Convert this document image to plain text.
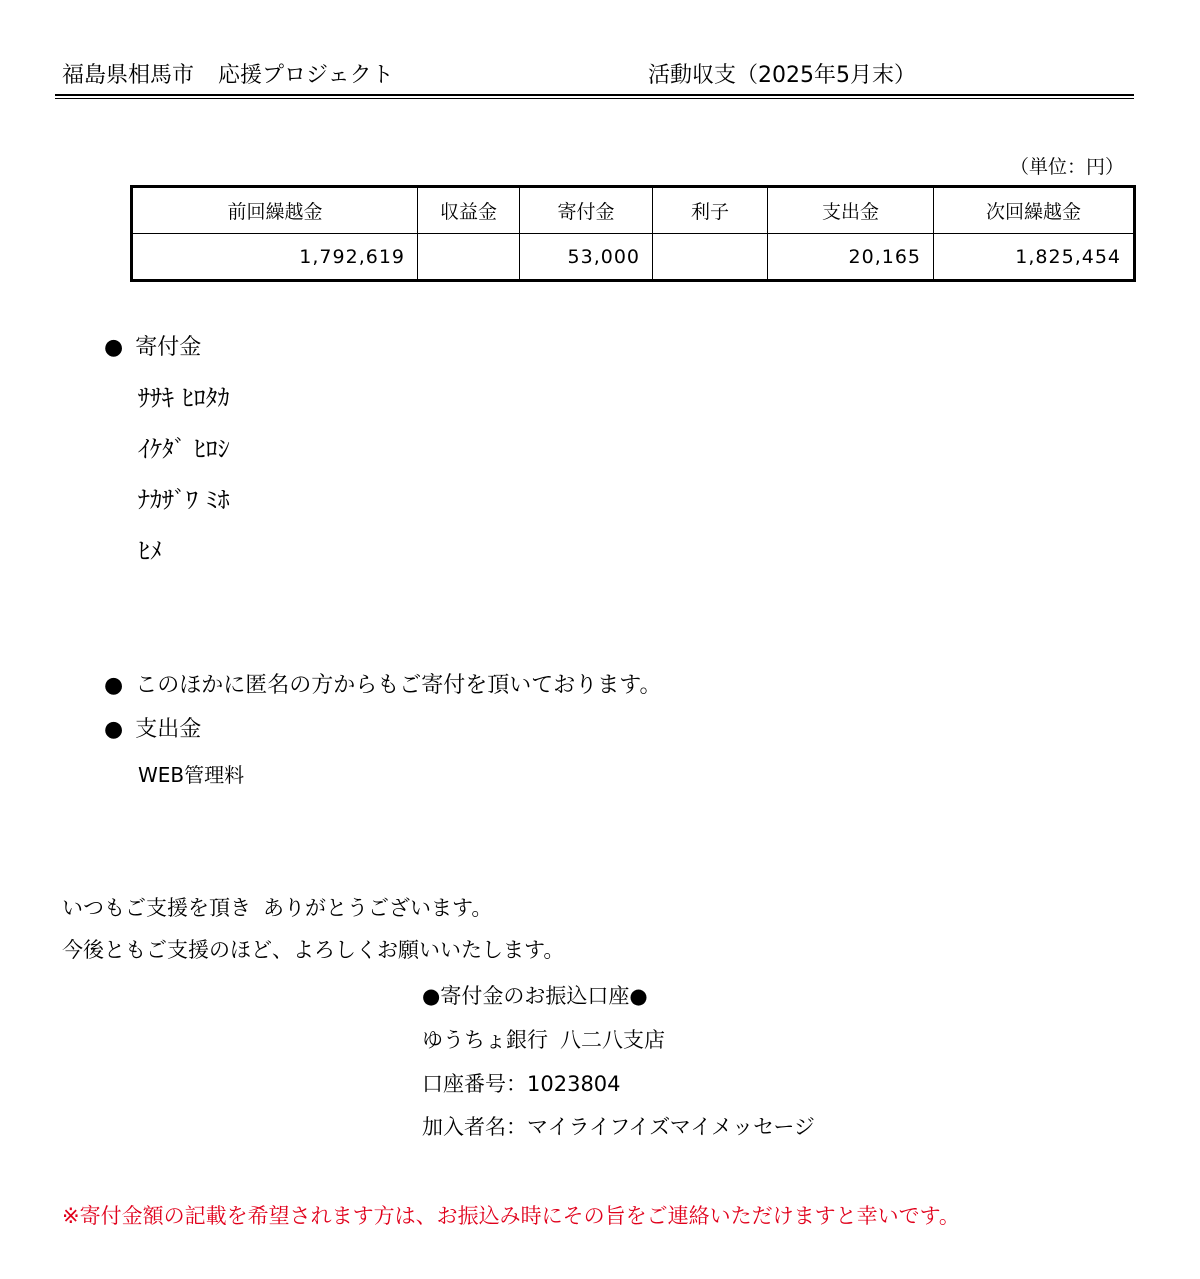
福島県相馬市 応援プロジェクト	活動収支（2025年5月末）
（単位：円）
前回繰越金	収益金	寄付金	利子	支出金	次回繰越金
1,792,619		53,000		20,165	1,825,454
● 寄付金
ｻｻｷ ﾋﾛﾀｶ
ｲｹﾀﾞ ﾋﾛｼ
ﾅｶｻﾞﾜ ﾐﾎ
ﾋﾒ
● このほかに匿名の方からもご寄付を頂いております。
● 支出金
WEB管理料
いつもご支援を頂き ありがとうございます。
今後ともご支援のほど、よろしくお願いいたします。
●寄付金のお振込口座●
ゆうちょ銀行 八二八支店
口座番号：1023804
加入者名：マイライフイズマイメッセージ
※寄付金額の記載を希望されます方は、お振込み時にその旨をご連絡いただけますと幸いです。
